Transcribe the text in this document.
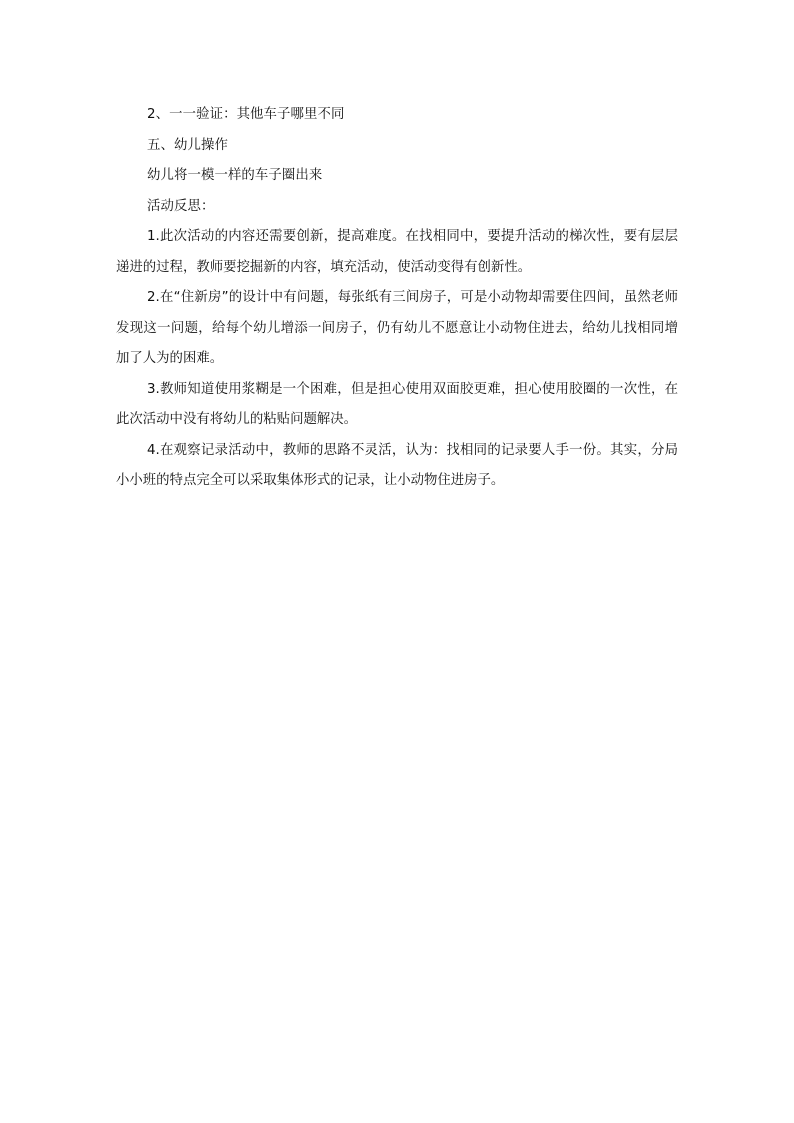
2、一一验证：其他车子哪里不同
五、幼儿操作
幼儿将一模一样的车子圈出来
活动反思：

1.此次活动的内容还需要创新，提高难度。在找相同中，要提升活动的梯次性，要有层层递进的过程，教师要挖掘新的内容，填充活动，使活动变得有创新性。

2.在“住新房”的设计中有问题，每张纸有三间房子，可是小动物却需要住四间，虽然老师发现这一问题，给每个幼儿增添一间房子，仍有幼儿不愿意让小动物住进去，给幼儿找相同增加了人为的困难。

3.教师知道使用浆糊是一个困难，但是担心使用双面胶更难，担心使用胶圈的一次性，在此次活动中没有将幼儿的粘贴问题解决。

4.在观察记录活动中，教师的思路不灵活，认为：找相同的记录要人手一份。其实，分局小小班的特点完全可以采取集体形式的记录，让小动物住进房子。
